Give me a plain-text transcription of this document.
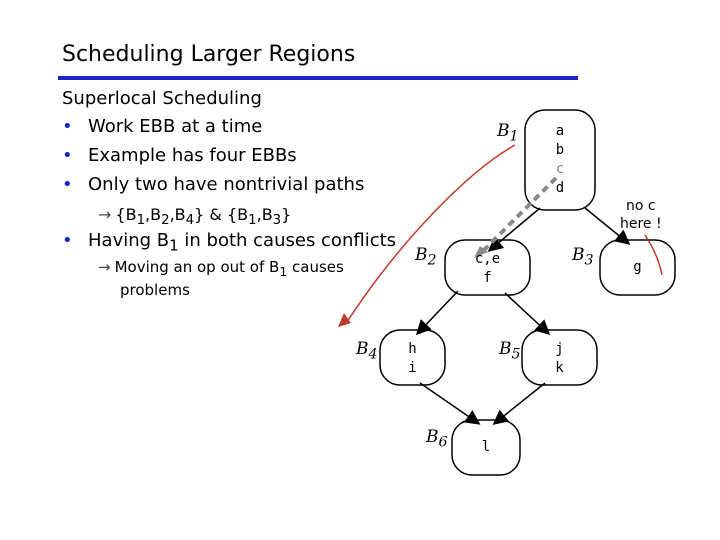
Scheduling Larger Regions
Superlocal Scheduling
• Work EBB at a time
• Example has four EBBs
• Only two have nontrivial paths
→ $\{B_1,B_2,B_4\}$ & $\{B_1,B_3\}$
• Having $B_1$ in both causes conflicts
→ Moving an op out of $B_1$ causes
problems
$B_1$
$B_2$	$B_3$
$B_4$	$B_5$
$B_6$
a
b
c
d
c,e
f
g
h
i
j
k
l
no c
here !
